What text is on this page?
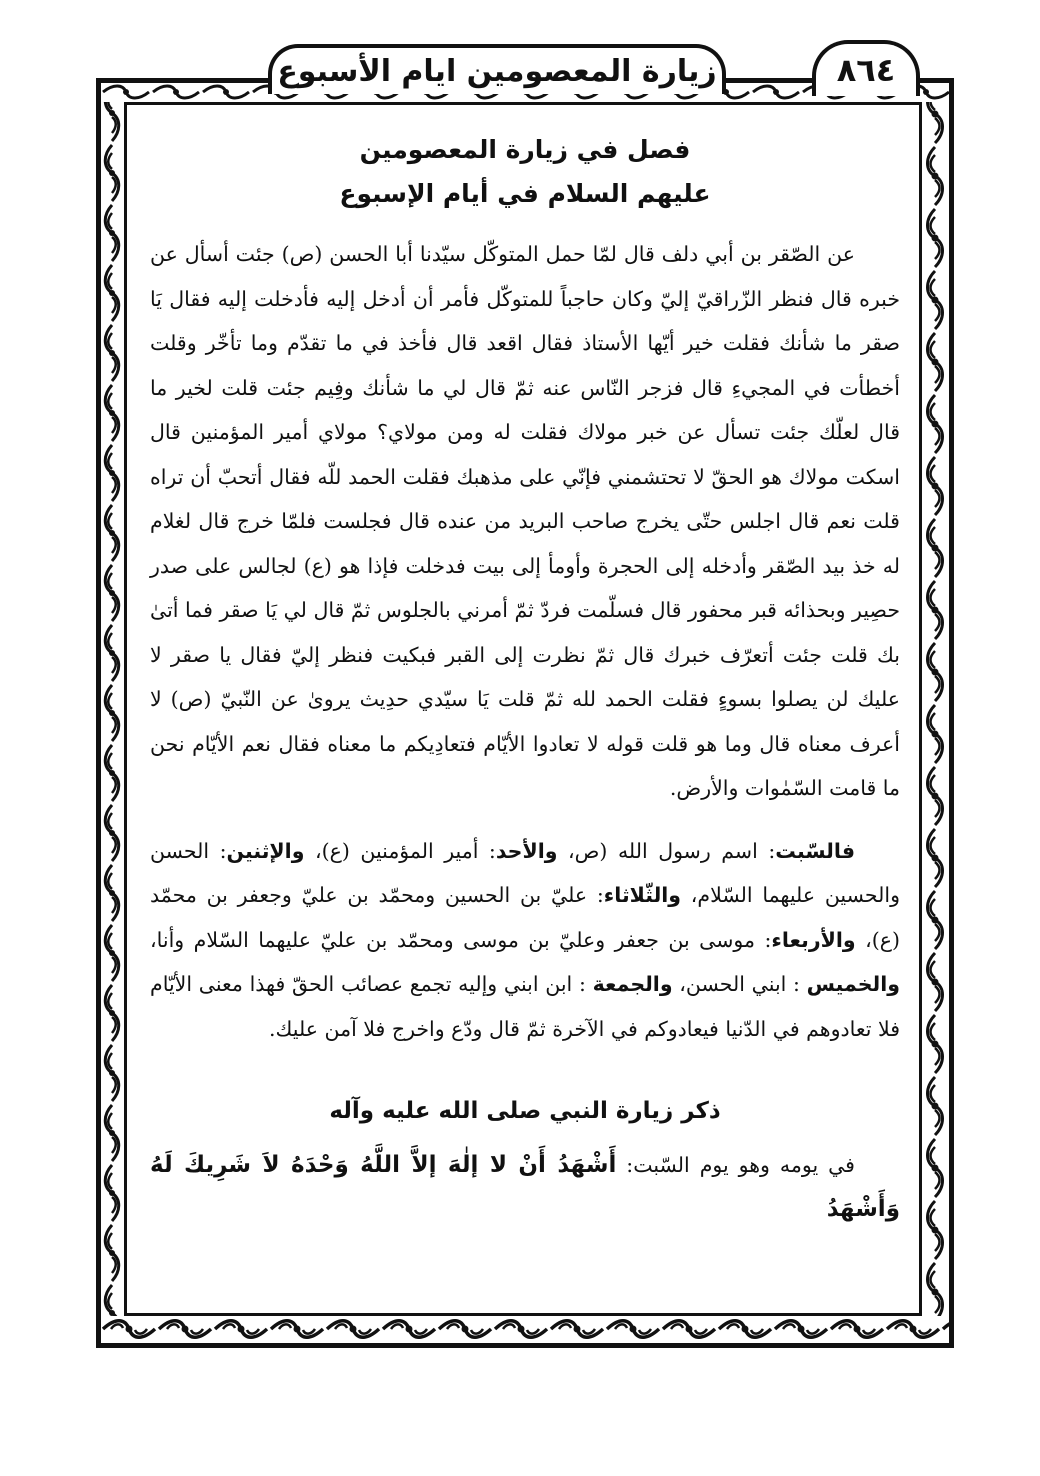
زيارة المعصومين ايام الأسبوع	٨٦٤

فصل في زيارة المعصومين

عليهم السلام في أيام الإسبوع

عن الصّقر بن أبي دلف قال لمّا حمل المتوكّل سيّدنا أبا الحسن (ص) جئت أسأل عن خبره قال فنظر الزّراقيّ إليّ وكان حاجباً للمتوكّل فأمر أن أدخل إليه فأدخلت إليه فقال يَا صقر ما شأنك فقلت خير أيّها الأستاذ فقال اقعد قال فأخذ في ما تقدّم وما تأخّر وقلت أخطأت في المجيءِ قال فزجر النّاس عنه ثمّ قال لي ما شأنك وفِيم جئت قلت لخير ما قال لعلّك جئت تسأل عن خبر مولاك فقلت له ومن مولاي؟ مولاي أمير المؤمنين قال اسكت مولاك هو الحقّ لا تحتشمني فإنّي على مذهبك فقلت الحمد للّه فقال أتحبّ أن تراه قلت نعم قال اجلس حتّى يخرج صاحب البريد من عنده قال فجلست فلمّا خرج قال لغلام له خذ بيد الصّقر وأدخله إلى الحجرة وأومأ إلى بيت فدخلت فإذا هو (ع) لجالس على صدر حصِير وبحذائه قبر محفور قال فسلّمت فردّ ثمّ أمرني بالجلوس ثمّ قال لي يَا صقر فما أتىٰ بك قلت جئت أتعرّف خبرك قال ثمّ نظرت إلى القبر فبكيت فنظر إليّ فقال يا صقر لا عليك لن يصلوا بسوءٍ فقلت الحمد لله ثمّ قلت يَا سيّدي حدِيث يروىٰ عن النّبيّ (ص) لا أعرف معناه قال وما هو قلت قوله لا تعادوا الأيّام فتعادِيكم ما معناه فقال نعم الأيّام نحن ما قامت السّمٰوات والأرض.

فالسّبت: اسم رسول الله (ص، والأحد: أمير المؤمنين (ع)، والإثنين: الحسن والحسين عليهما السّلام، والثّلاثاء: عليّ بن الحسين ومحمّد بن عليّ وجعفر بن محمّد (ع)، والأربعاء: موسى بن جعفر وعليّ بن موسى ومحمّد بن عليّ عليهما السّلام وأنا، والخميس : ابني الحسن، والجمعة : ابن ابني وإليه تجمع عصائب الحقّ فهذا معنى الأيّام فلا تعادوهم في الدّنيا فيعادوكم في الآخرة ثمّ قال ودّع واخرج فلا آمن عليك.

ذكر زيارة النبي صلى الله عليه وآله

في يومه وهو يوم السّبت: أَشْهَدُ أَنْ لا إلٰهَ إلاَّ اللَّهُ وَحْدَهُ لاَ شَرِيكَ لَهُ وَأَشْهَدُ
